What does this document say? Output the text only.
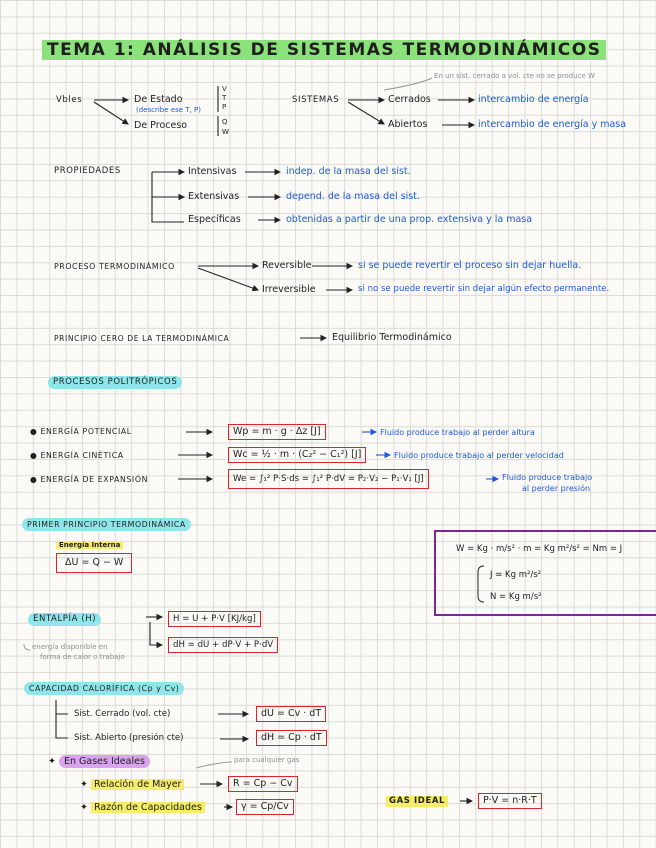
TEMA 1: ANÁLISIS DE SISTEMAS TERMODINÁMICOS
Vbles	De Estado
(describe ese T, P)
V
T
P
De Proceso	Q
W
En un sist. cerrado a vol. cte no se produce W
SISTEMAS	Cerrados	intercambio de energía
Abiertos	intercambio de energía y masa
PROPIEDADES	Intensivas	indep. de la masa del sist.
Extensivas	depend. de la masa del sist.
Específicas	obtenidas a partir de una prop. extensiva y la masa
PROCESO TERMODINÁMICO	Reversible	si se puede revertir el proceso sin dejar huella.
Irreversible	si no se puede revertir sin dejar algún efecto permanente.
PRINCIPIO CERO DE LA TERMODINÁMICA	Equilibrio Termodinámico
PROCESOS POLITRÓPICOS
● ENERGÍA POTENCIAL	Wp = m · g · Δz [J]	Fluido produce trabajo al perder altura
● ENERGÍA CINÉTICA	Wc = ½ · m · (C₂² − C₁²) [J]	Fluido produce trabajo al perder velocidad
● ENERGÍA DE EXPANSIÓN	We = ∫₁² P·S·ds = ∫₁² P·dV = P₂·V₂ − P₁·V₁ [J]	Fluido produce trabajo
al perder presión
PRIMER PRINCIPIO TERMODINÁMICA
Energía Interna
ΔU = Q − W
W = Kg · m/s² · m = Kg m²/s² = Nm = J
J = Kg m²/s²
N = Kg m/s²
ENTALPÍA (H)
energía disponible en
forma de calor o trabajo
H = U + P·V [KJ/kg]
dH = dU + dP·V + P·dV
CAPACIDAD CALORÍFICA (Cp y Cv)
Sist. Cerrado (vol. cte)	dU = Cv · dT
Sist. Abierto (presión cte)	dH = Cp · dT
✦ En Gases Ideales	para cualquier gas
✦ Relación de Mayer	R = Cp − Cv
✦ Razón de Capacidades	γ = Cp/Cv	GAS IDEAL	P·V = n·R·T
